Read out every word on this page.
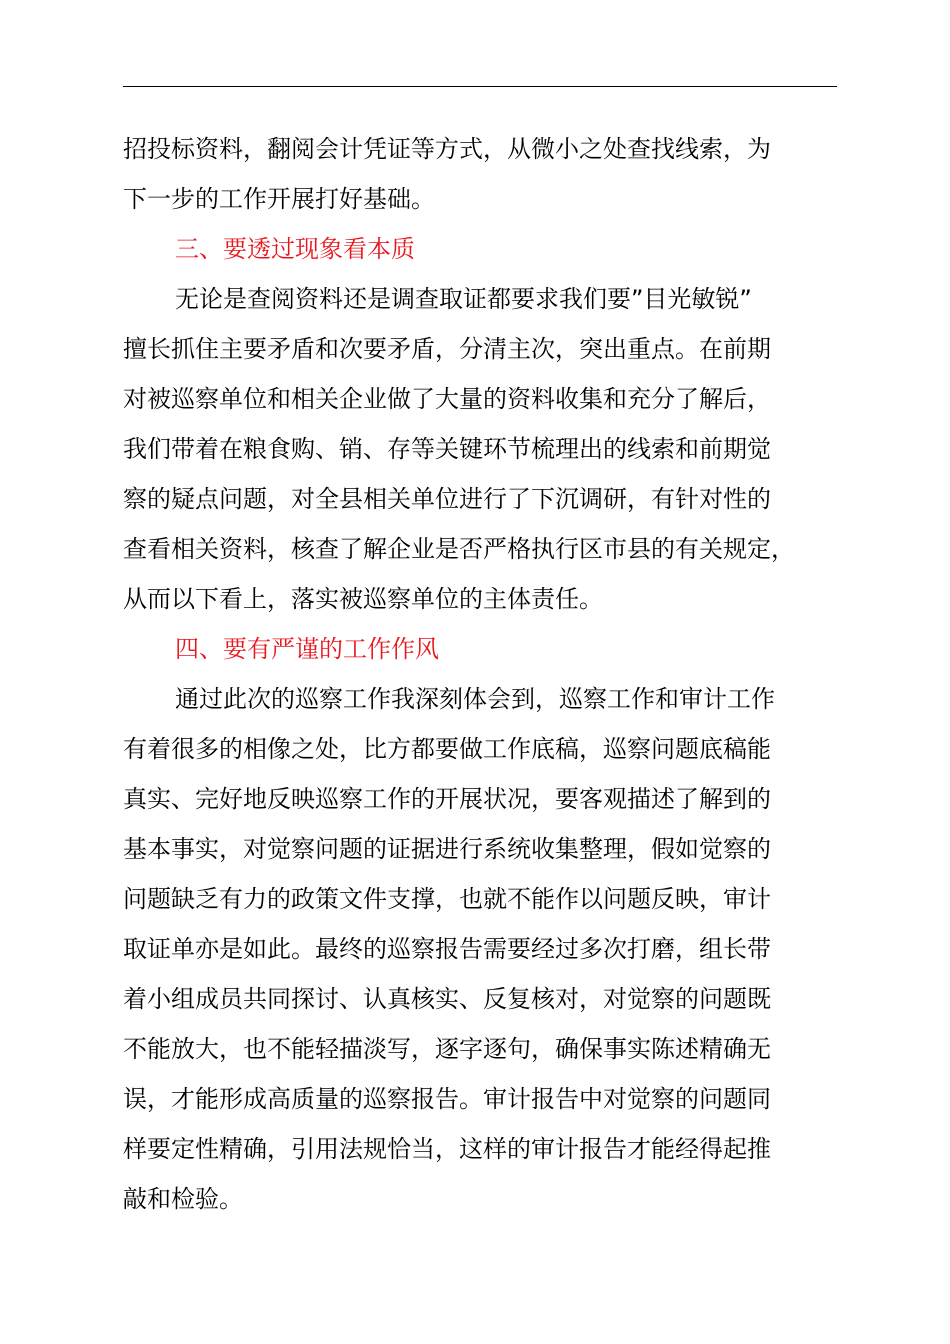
招投标资料，翻阅会计凭证等方式，从微小之处查找线索，为
下一步的工作开展打好基础。
三、要透过现象看本质
无论是查阅资料还是调查取证都要求我们要”目光敏锐”
擅长抓住主要矛盾和次要矛盾，分清主次，突出重点。在前期
对被巡察单位和相关企业做了大量的资料收集和充分了解后，
我们带着在粮食购、销、存等关键环节梳理出的线索和前期觉
察的疑点问题，对全县相关单位进行了下沉调研，有针对性的
查看相关资料，核查了解企业是否严格执行区市县的有关规定，
从而以下看上，落实被巡察单位的主体责任。
四、要有严谨的工作作风
通过此次的巡察工作我深刻体会到，巡察工作和审计工作
有着很多的相像之处，比方都要做工作底稿，巡察问题底稿能
真实、完好地反映巡察工作的开展状况，要客观描述了解到的
基本事实，对觉察问题的证据进行系统收集整理，假如觉察的
问题缺乏有力的政策文件支撑，也就不能作以问题反映，审计
取证单亦是如此。最终的巡察报告需要经过多次打磨，组长带
着小组成员共同探讨、认真核实、反复核对，对觉察的问题既
不能放大，也不能轻描淡写，逐字逐句，确保事实陈述精确无
误，才能形成高质量的巡察报告。审计报告中对觉察的问题同
样要定性精确，引用法规恰当，这样的审计报告才能经得起推
敲和检验。
